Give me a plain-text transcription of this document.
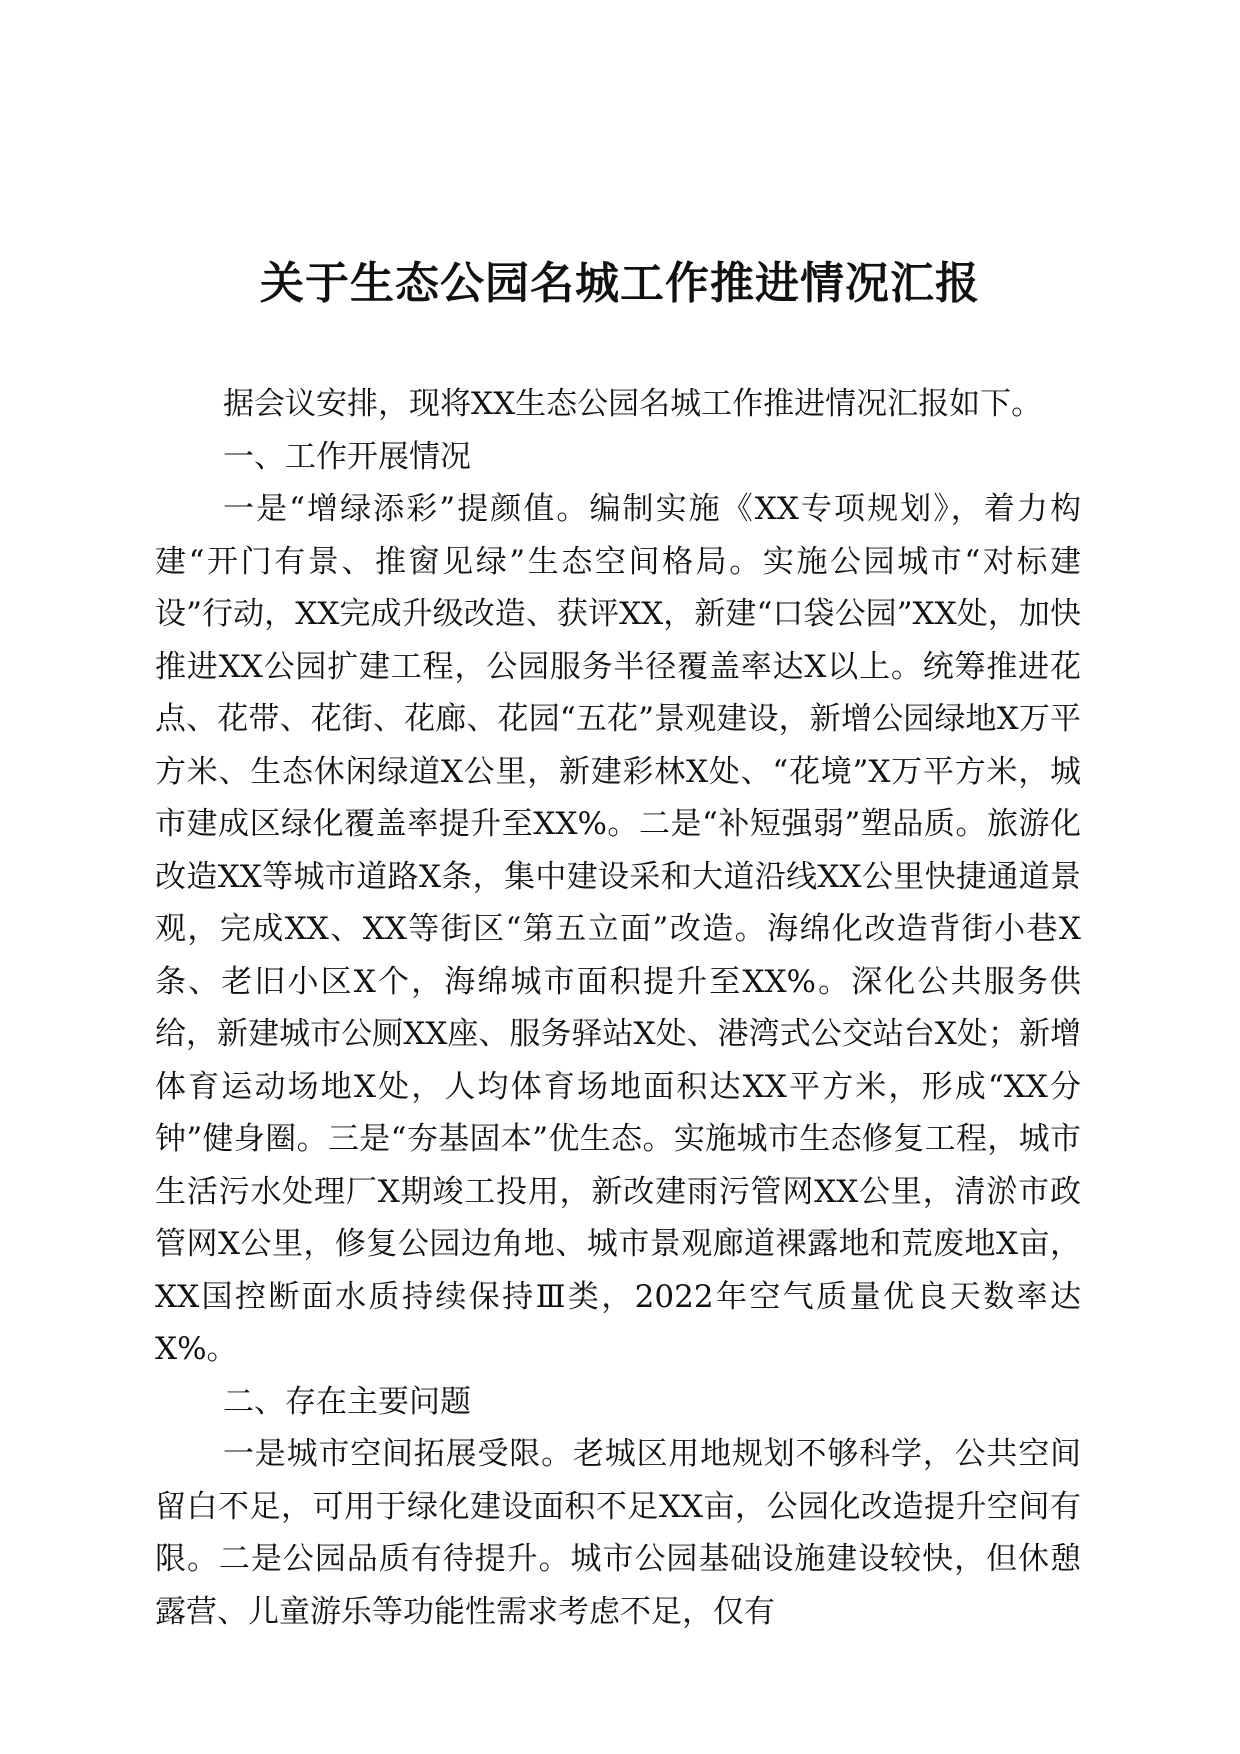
关于生态公园名城工作推进情况汇报

据会议安排，现将XX生态公园名城工作推进情况汇报如下。

一、工作开展情况

一是“增绿添彩”提颜值。编制实施《XX专项规划》，着力构建“开门有景、推窗见绿”生态空间格局。实施公园城市“对标建设”行动，XX完成升级改造、获评XX，新建“口袋公园”XX处，加快推进XX公园扩建工程，公园服务半径覆盖率达X以上。统筹推进花点、花带、花街、花廊、花园“五花”景观建设，新增公园绿地X万平方米、生态休闲绿道X公里，新建彩林X处、“花境”X万平方米，城市建成区绿化覆盖率提升至XX%。二是“补短强弱”塑品质。旅游化改造XX等城市道路X条，集中建设采和大道沿线XX公里快捷通道景观，完成XX、XX等街区“第五立面”改造。海绵化改造背街小巷X条、老旧小区X个，海绵城市面积提升至XX%。深化公共服务供给，新建城市公厕XX座、服务驿站X处、港湾式公交站台X处；新增体育运动场地X处，人均体育场地面积达XX平方米，形成“XX分钟”健身圈。三是“夯基固本”优生态。实施城市生态修复工程，城市生活污水处理厂X期竣工投用，新改建雨污管网XX公里，清淤市政管网X公里，修复公园边角地、城市景观廊道裸露地和荒废地X亩，XX国控断面水质持续保持Ⅲ类，2022年空气质量优良天数率达X%。

二、存在主要问题

一是城市空间拓展受限。老城区用地规划不够科学，公共空间留白不足，可用于绿化建设面积不足XX亩，公园化改造提升空间有限。二是公园品质有待提升。城市公园基础设施建设较快，但休憩露营、儿童游乐等功能性需求考虑不足，仅有
